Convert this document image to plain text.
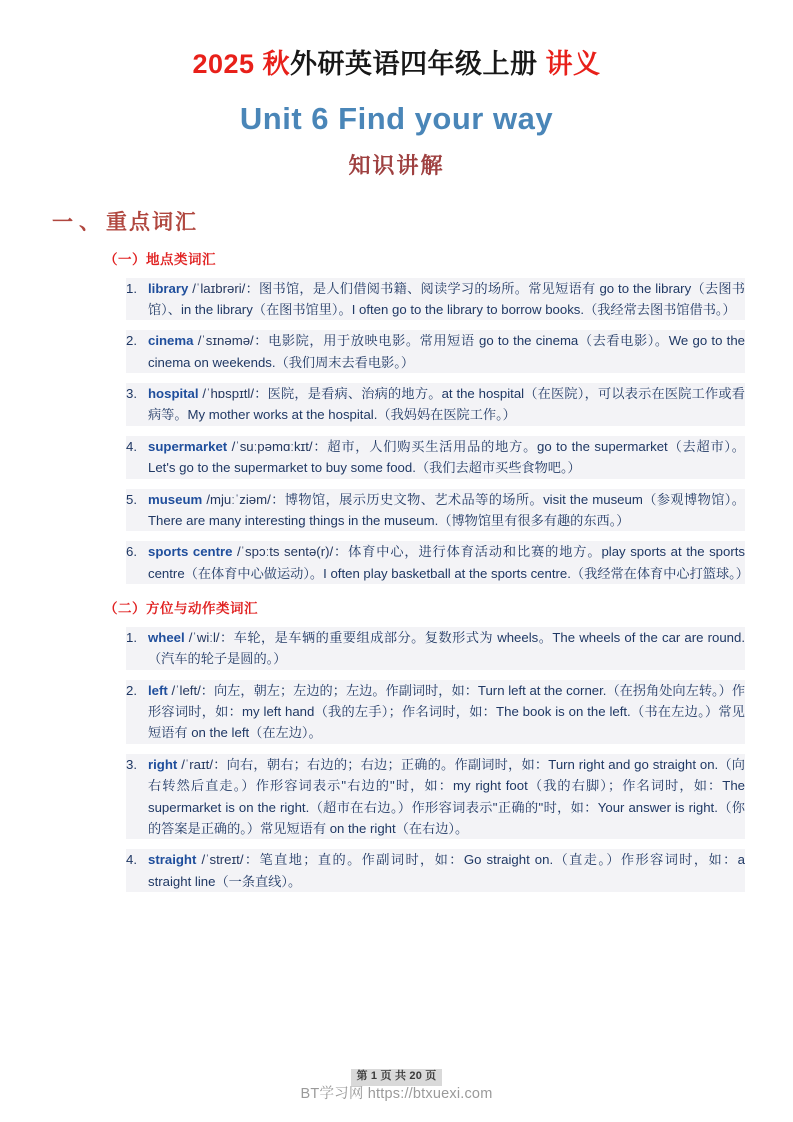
2025 秋外研英语四年级上册 讲义
Unit 6 Find your way
知识讲解
一、重点词汇
（一）地点类词汇
library /ˈlaɪbrəri/：图书馆，是人们借阅书籍、阅读学习的场所。常见短语有 go to the library（去图书馆）、in the library（在图书馆里）。I often go to the library to borrow books.（我经常去图书馆借书。）
cinema /ˈsɪnəmə/：电影院，用于放映电影。常用短语 go to the cinema（去看电影）。We go to the cinema on weekends.（我们周末去看电影。）
hospital /ˈhɒspɪtl/：医院，是看病、治病的地方。at the hospital（在医院），可以表示在医院工作或看病等。My mother works at the hospital.（我妈妈在医院工作。）
supermarket /ˈsuːpəmɑːkɪt/：超市，人们购买生活用品的地方。go to the supermarket（去超市）。Let's go to the supermarket to buy some food.（我们去超市买些食物吧。）
museum /mjuːˈziəm/：博物馆，展示历史文物、艺术品等的场所。visit the museum（参观博物馆）。There are many interesting things in the museum.（博物馆里有很多有趣的东西。）
sports centre /ˈspɔːts sentə(r)/：体育中心，进行体育活动和比赛的地方。play sports at the sports centre（在体育中心做运动）。I often play basketball at the sports centre.（我经常在体育中心打篮球。）
（二）方位与动作类词汇
wheel /ˈwiːl/：车轮，是车辆的重要组成部分。复数形式为 wheels。The wheels of the car are round.（汽车的轮子是圆的。）
left /ˈleft/：向左，朝左；左边的；左边。作副词时，如：Turn left at the corner.（在拐角处向左转。）作形容词时，如：my left hand（我的左手）；作名词时，如：The book is on the left.（书在左边。）常见短语有 on the left（在左边）。
right /ˈraɪt/：向右，朝右；右边的；右边；正确的。作副词时，如：Turn right and go straight on.（向右转然后直走。）作形容词表示"右边的"时，如：my right foot（我的右脚）；作名词时，如：The supermarket is on the right.（超市在右边。）作形容词表示"正确的"时，如：Your answer is right.（你的答案是正确的。）常见短语有 on the right（在右边）。
straight /ˈstreɪt/：笔直地；直的。作副词时，如：Go straight on.（直走。）作形容词时，如：a straight line（一条直线）。
第 1 页 共 20 页
BT学习网 https://btxuexi.com
